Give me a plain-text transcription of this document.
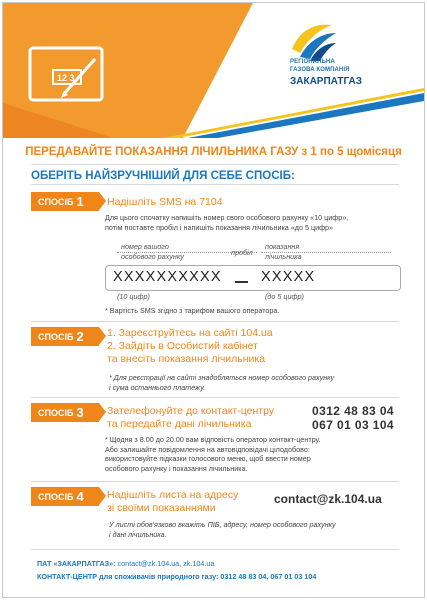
12 3
РЕГІОНАЛЬНА
ГАЗОВА КОМПАНІЯ
ЗАКАРПАТГАЗ
ПЕРЕДАВАЙТЕ ПОКАЗАННЯ ЛІЧИЛЬНИКА ГАЗУ з 1 по 5 щомісяця
ОБЕРІТЬ НАЙЗРУЧНІШИЙ ДЛЯ СЕБЕ СПОСІБ:
СПОСІБ 1 Надішліть SMS на 7104
Для цього спочатку напишіть номер свого особового рахунку «10 цифр»,
потім поставте пробіл і напишіть показання лічильника «до 5 цифр»
номер вашого
особового рахунку	пробіл
показання
лічильника
XXXXXXXXXX	XXXXX
(10 цифр)	(до 5 цифр)
* Вартість SMS згідно з тарифом вашого оператора.
СПОСІБ 2 1. Зареєструйтесь на сайті 104.ua
2. Зайдіть в Особистий кабінет
та внесіть показання лічильника
* Для реєстрації на сайті знадобляться номер особового рахунку
і сума останнього платежу.
СПОСІБ 3 Зателефонуйте до контакт-центру
та передайте дані лічильника
0312 48 83 04
067 01 03 104
* Щодня з 8.00 до 20.00 вам відповість оператор контакт-центру.
Або залишайте повідомлення на автовідповідачі цілодобово:
використовуйте підказки голосового меню, щоб ввести номер
особового рахунку і показання лічильника.
СПОСІБ 4 Надішліть листа на адресу
зі своїми показаннями
contact@zk.104.ua
У листі обов'язково вкажіть ПІБ, адресу, номер особового рахунку
і дані лічильника.
ПАТ «ЗАКАРПАТГАЗ»: contact@zk.104.ua, zk.104.ua
КОНТАКТ-ЦЕНТР для споживачів природного газу: 0312 48 83 04, 067 01 03 104
